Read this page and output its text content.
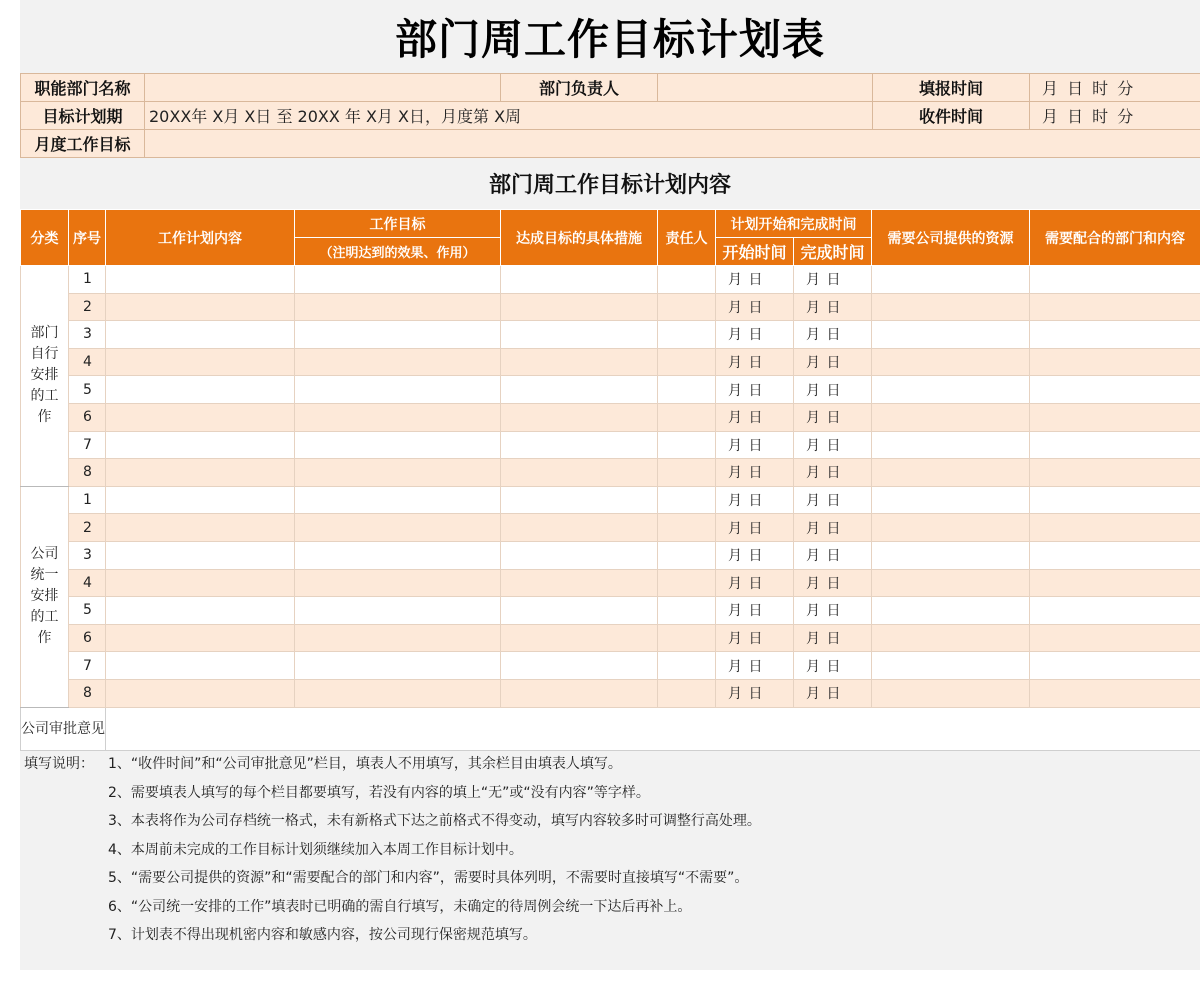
部门周工作目标计划表
职能部门名称		部门负责人		填报时间	月 日 时 分
目标计划期	20XX年 X月 X日 至 20XX 年 X月 X日，月度第 X周			收件时间	月 日 时 分
月度工作目标					
部门周工作目标计划内容
分类	序号	工作计划内容	工作目标	达成目标的具体措施	责任人	计划开始和完成时间		需要公司提供的资源	需要配合的部门和内容
			（注明达到的效果、作用）			开始时间	完成时间		

部门自行安排的工作	1					月 日	月 日		
	2					月 日	月 日		
	3					月 日	月 日		
	4					月 日	月 日		
	5					月 日	月 日		
	6					月 日	月 日		
	7					月 日	月 日		
	8					月 日	月 日		

公司统一安排的工作	1					月 日	月 日		
	2					月 日	月 日		
	3					月 日	月 日		
	4					月 日	月 日		
	5					月 日	月 日		
	6					月 日	月 日		
	7					月 日	月 日		
	8					月 日	月 日		
公司审批意见									
填写说明： 1、“收件时间”和“公司审批意见”栏目，填表人不用填写，其余栏目由填表人填写。
2、需要填表人填写的每个栏目都要填写，若没有内容的填上“无”或“没有内容”等字样。
3、本表将作为公司存档统一格式，未有新格式下达之前格式不得变动，填写内容较多时可调整行高处理。
4、本周前未完成的工作目标计划须继续加入本周工作目标计划中。
5、“需要公司提供的资源”和“需要配合的部门和内容”，需要时具体列明，不需要时直接填写“不需要”。
6、“公司统一安排的工作”填表时已明确的需自行填写，未确定的待周例会统一下达后再补上。
7、计划表不得出现机密内容和敏感内容，按公司现行保密规范填写。
